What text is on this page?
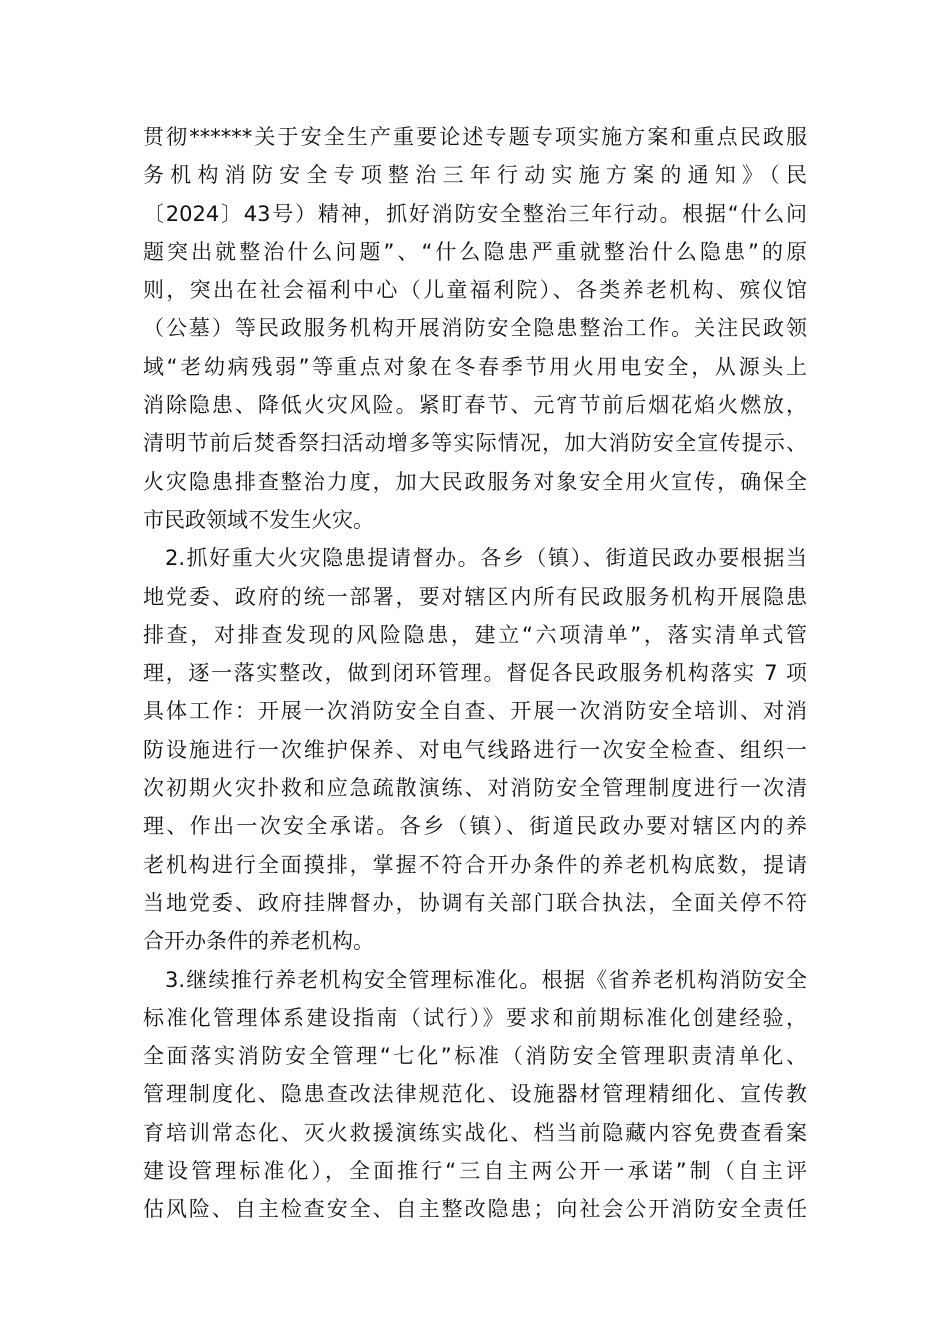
贯彻******关于安全生产重要论述专题专项实施方案和重点民政服
务机构消防安全专项整治三年行动实施方案的通知》（民
〔2024〕43号）精神，抓好消防安全整治三年行动。根据“什么问
题突出就整治什么问题”、“什么隐患严重就整治什么隐患”的原
则，突出在社会福利中心（儿童福利院）、各类养老机构、殡仪馆
（公墓）等民政服务机构开展消防安全隐患整治工作。关注民政领
域“老幼病残弱”等重点对象在冬春季节用火用电安全，从源头上
消除隐患、降低火灾风险。紧盯春节、元宵节前后烟花焰火燃放，
清明节前后焚香祭扫活动增多等实际情况，加大消防安全宣传提示、
火灾隐患排查整治力度，加大民政服务对象安全用火宣传，确保全
市民政领域不发生火灾。
2.抓好重大火灾隐患提请督办。各乡（镇）、街道民政办要根据当
地党委、政府的统一部署，要对辖区内所有民政服务机构开展隐患
排查，对排查发现的风险隐患，建立“六项清单”，落实清单式管
理，逐一落实整改，做到闭环管理。督促各民政服务机构落实 7 项
具体工作：开展一次消防安全自查、开展一次消防安全培训、对消
防设施进行一次维护保养、对电气线路进行一次安全检查、组织一
次初期火灾扑救和应急疏散演练、对消防安全管理制度进行一次清
理、作出一次安全承诺。各乡（镇）、街道民政办要对辖区内的养
老机构进行全面摸排，掌握不符合开办条件的养老机构底数，提请
当地党委、政府挂牌督办，协调有关部门联合执法，全面关停不符
合开办条件的养老机构。
3.继续推行养老机构安全管理标准化。根据《省养老机构消防安全
标准化管理体系建设指南（试行）》要求和前期标准化创建经验，
全面落实消防安全管理“七化”标准（消防安全管理职责清单化、
管理制度化、隐患查改法律规范化、设施器材管理精细化、宣传教
育培训常态化、灭火救援演练实战化、档当前隐藏内容免费查看案
建设管理标准化），全面推行“三自主两公开一承诺”制（自主评
估风险、自主检查安全、自主整改隐患；向社会公开消防安全责任
